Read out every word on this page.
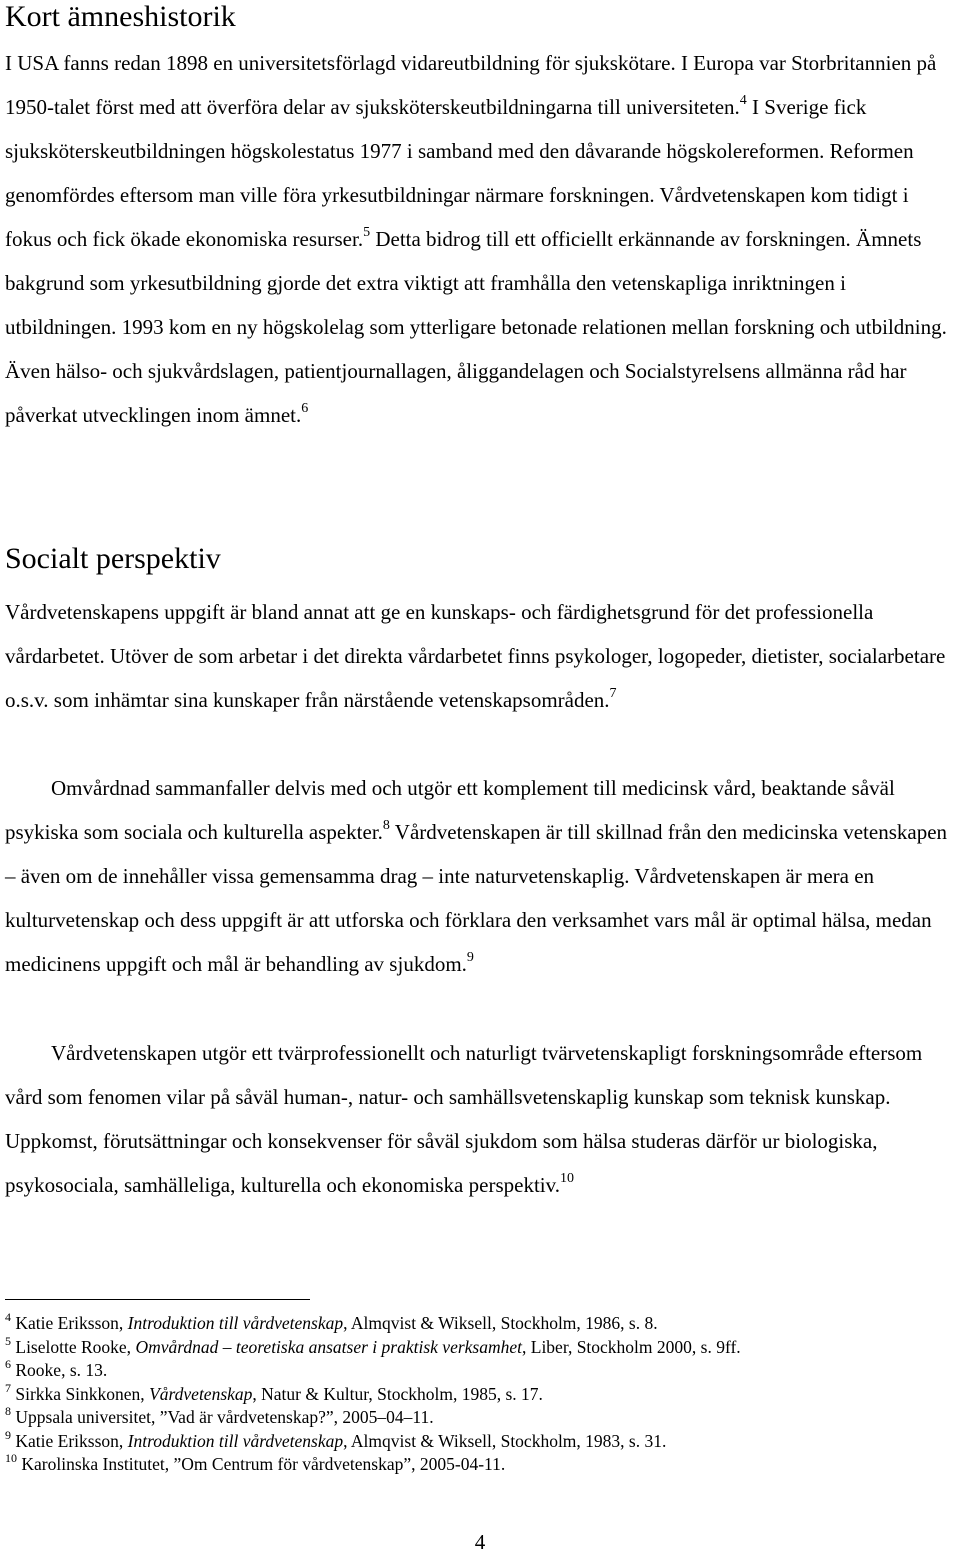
Kort ämneshistorik

I USA fanns redan 1898 en universitetsförlagd vidareutbildning för sjukskötare. I Europa var Storbritannien på 1950-talet först med att överföra delar av sjuksköterskeutbildningarna till universiteten.$^4$ I Sverige fick sjuksköterskeutbildningen högskolestatus 1977 i samband med den dåvarande högskolereformen. Reformen genomfördes eftersom man ville föra yrkesutbildningar närmare forskningen. Vårdvetenskapen kom tidigt i fokus och fick ökade ekonomiska resurser.$^5$ Detta bidrog till ett officiellt erkännande av forskningen. Ämnets bakgrund som yrkesutbildning gjorde det extra viktigt att framhålla den vetenskapliga inriktningen i utbildningen. 1993 kom en ny högskolelag som ytterligare betonade relationen mellan forskning och utbildning. Även hälso- och sjukvårdslagen, patientjournallagen, åliggandelagen och Socialstyrelsens allmänna råd har påverkat utvecklingen inom ämnet.$^6$

Socialt perspektiv

Vårdvetenskapens uppgift är bland annat att ge en kunskaps- och färdighetsgrund för det professionella vårdarbetet. Utöver de som arbetar i det direkta vårdarbetet finns psykologer, logopeder, dietister, socialarbetare o.s.v. som inhämtar sina kunskaper från närstående vetenskapsområden.$^7$

Omvårdnad sammanfaller delvis med och utgör ett komplement till medicinsk vård, beaktande såväl psykiska som sociala och kulturella aspekter.$^8$ Vårdvetenskapen är till skillnad från den medicinska vetenskapen – även om de innehåller vissa gemensamma drag – inte naturvetenskaplig. Vårdvetenskapen är mera en kulturvetenskap och dess uppgift är att utforska och förklara den verksamhet vars mål är optimal hälsa, medan medicinens uppgift och mål är behandling av sjukdom.$^9$

Vårdvetenskapen utgör ett tvärprofessionellt och naturligt tvärvetenskapligt forskningsområde eftersom vård som fenomen vilar på såväl human-, natur- och samhällsvetenskaplig kunskap som teknisk kunskap. Uppkomst, förutsättningar och konsekvenser för såväl sjukdom som hälsa studeras därför ur biologiska, psykosociala, samhälleliga, kulturella och ekonomiska perspektiv.$^{10}$

$^4$ Katie Eriksson, Introduktion till vårdvetenskap, Almqvist & Wiksell, Stockholm, 1986, s. 8.

$^5$ Liselotte Rooke, Omvårdnad – teoretiska ansatser i praktisk verksamhet, Liber, Stockholm 2000, s. 9ff.

$^6$ Rooke, s. 13.

$^7$ Sirkka Sinkkonen, Vårdvetenskap, Natur & Kultur, Stockholm, 1985, s. 17.

$^8$ Uppsala universitet, ”Vad är vårdvetenskap?”, 2005–04–11.

$^9$ Katie Eriksson, Introduktion till vårdvetenskap, Almqvist & Wiksell, Stockholm, 1983, s. 31.

$^{10}$ Karolinska Institutet, ”Om Centrum för vårdvetenskap”, 2005-04-11.

4
